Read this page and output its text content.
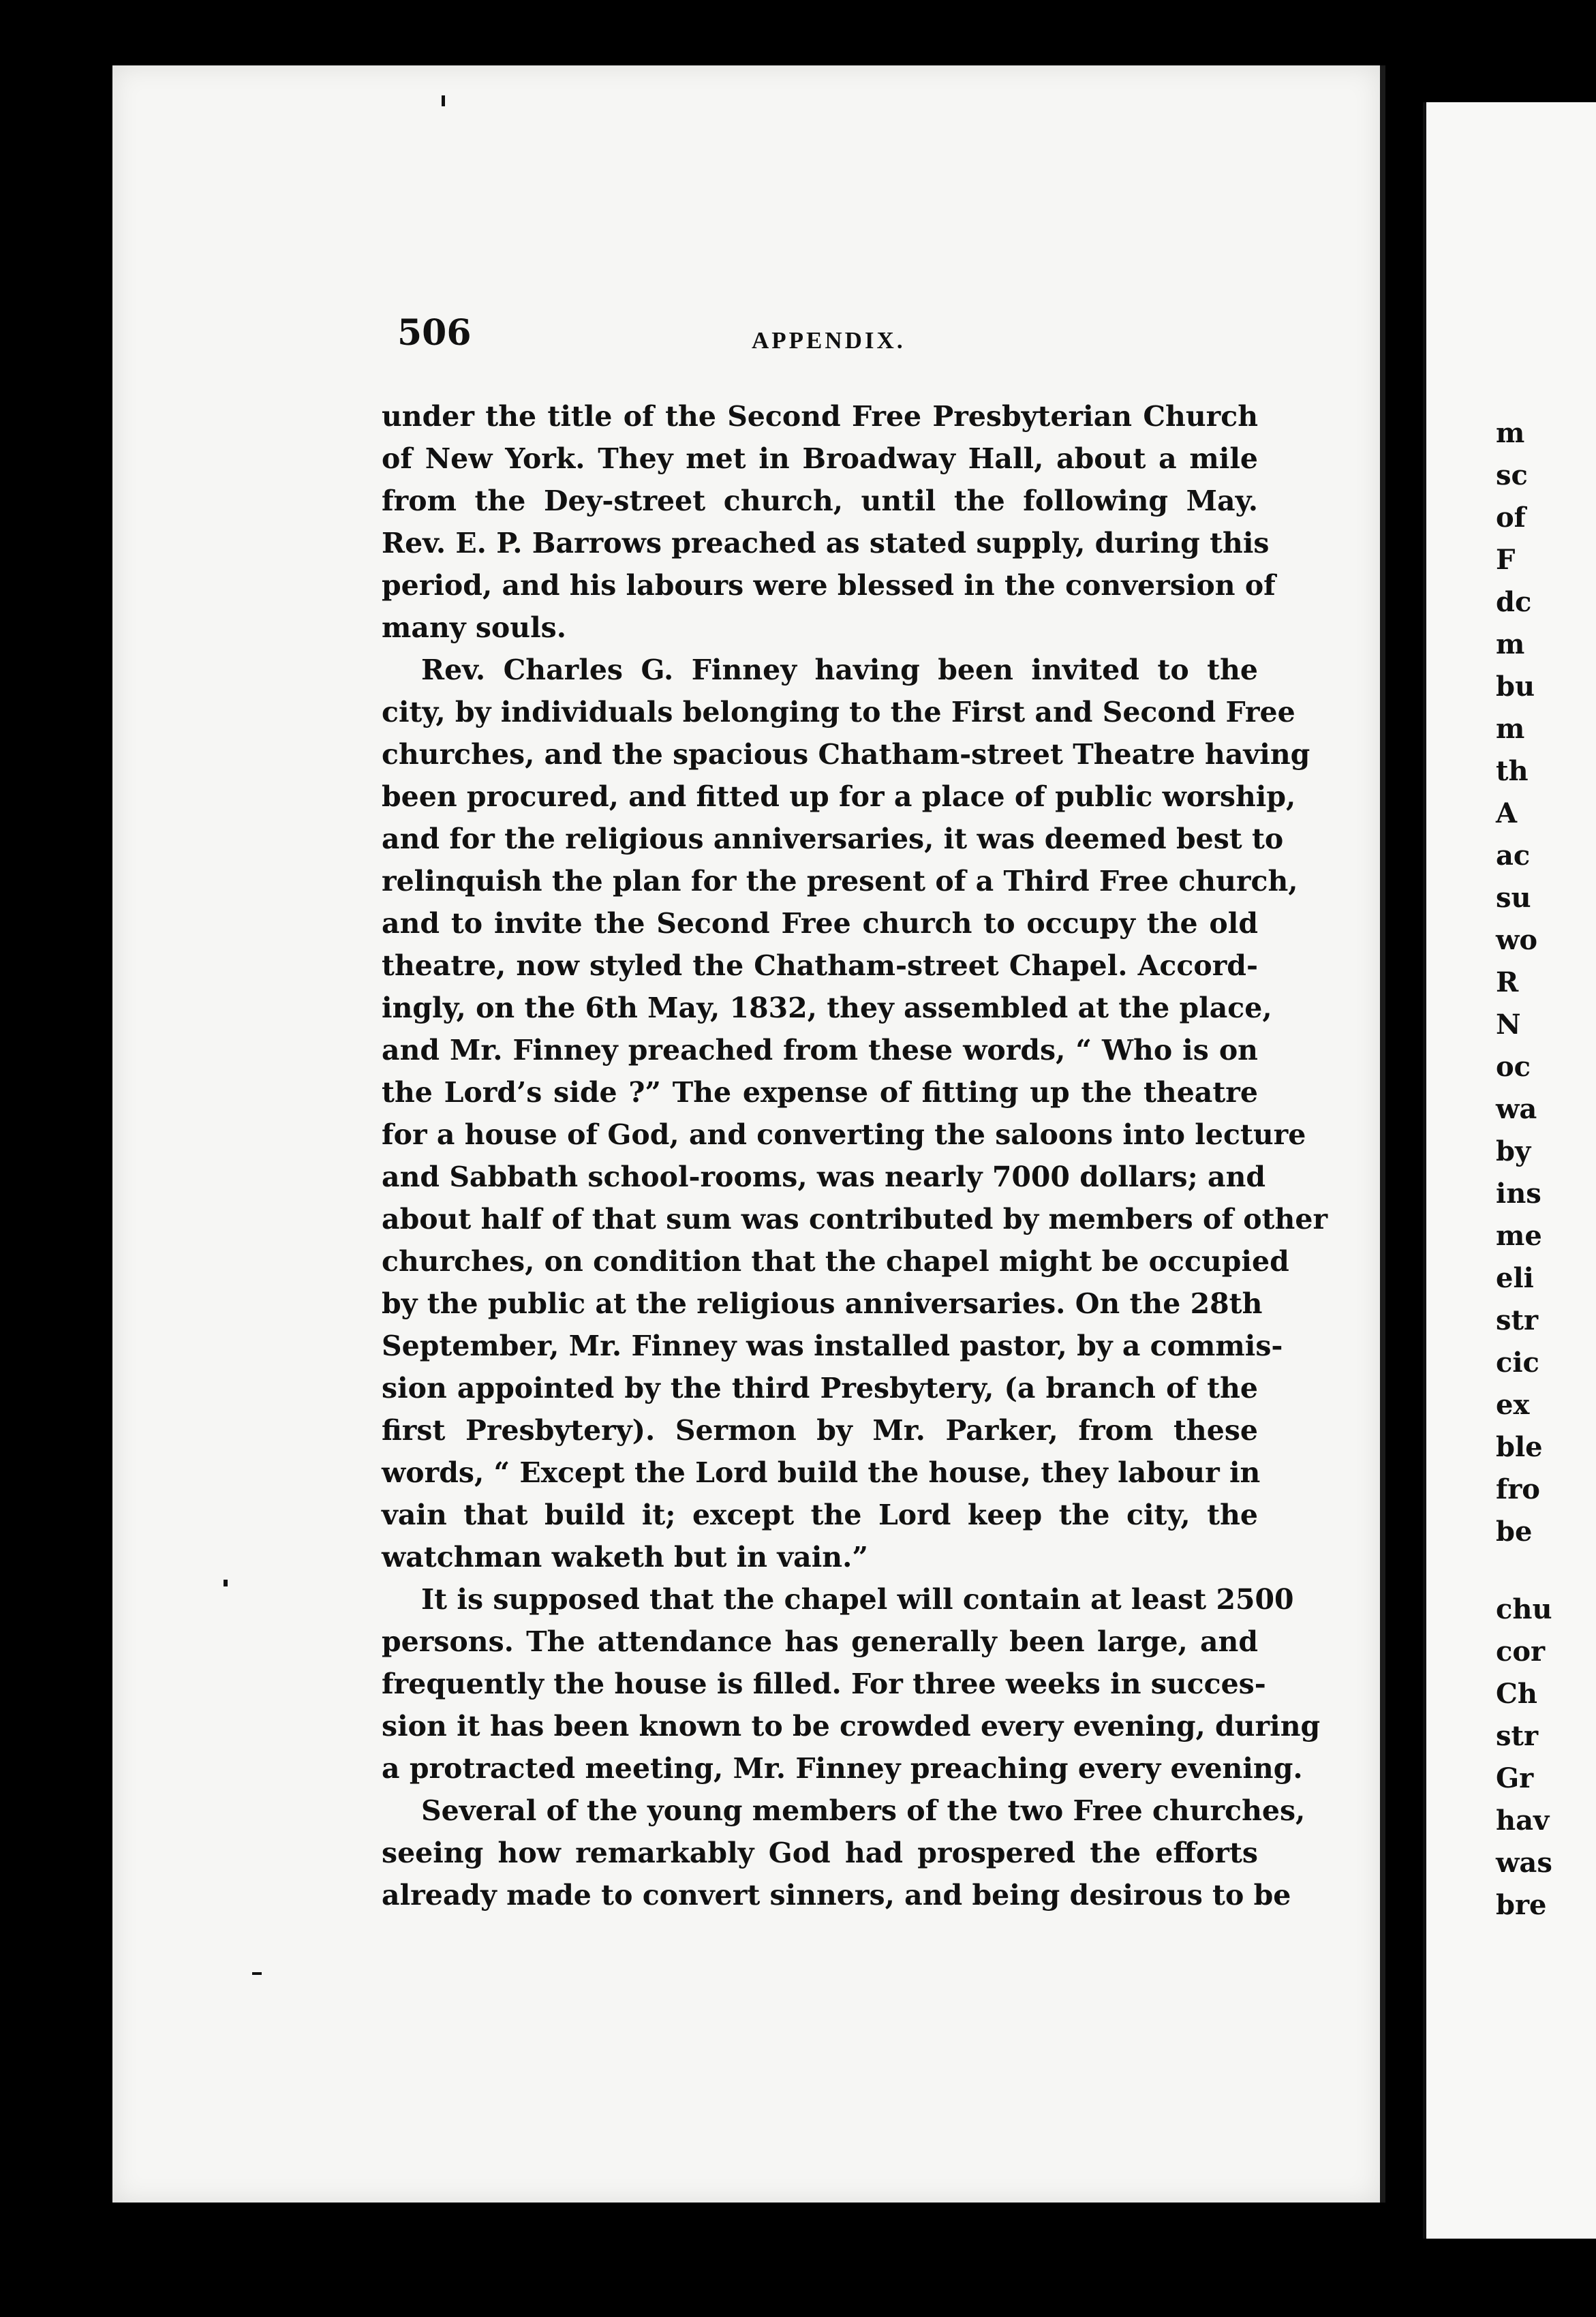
506	APPENDIX.
under the title of the Second Free Presbyterian Church
of New York. They met in Broadway Hall, about a mile
from the Dey-street church, until the following May.
Rev. E. P. Barrows preached as stated supply, during this
period, and his labours were blessed in the conversion of
many souls.
Rev. Charles G. Finney having been invited to the
city, by individuals belonging to the First and Second Free
churches, and the spacious Chatham-street Theatre having
been procured, and fitted up for a place of public worship,
and for the religious anniversaries, it was deemed best to
relinquish the plan for the present of a Third Free church,
and to invite the Second Free church to occupy the old
theatre, now styled the Chatham-street Chapel. Accord-
ingly, on the 6th May, 1832, they assembled at the place,
and Mr. Finney preached from these words, “ Who is on
the Lord’s side ?” The expense of fitting up the theatre
for a house of God, and converting the saloons into lecture
and Sabbath school-rooms, was nearly 7000 dollars; and
about half of that sum was contributed by members of other
churches, on condition that the chapel might be occupied
by the public at the religious anniversaries. On the 28th
September, Mr. Finney was installed pastor, by a commis-
sion appointed by the third Presbytery, (a branch of the
first Presbytery). Sermon by Mr. Parker, from these
words, “ Except the Lord build the house, they labour in
vain that build it; except the Lord keep the city, the
watchman waketh but in vain.”
It is supposed that the chapel will contain at least 2500
persons. The attendance has generally been large, and
frequently the house is filled. For three weeks in succes-
sion it has been known to be crowded every evening, during
a protracted meeting, Mr. Finney preaching every evening.
Several of the young members of the two Free churches,
seeing how remarkably God had prospered the efforts
already made to convert sinners, and being desirous to be
m
sc
of
F
dc
m
bu
m
th
A
ac
su
wo
R
N
oc
wa
by
ins
me
eli
str
cic
ex
ble
fro
be
chu
cor
Ch
str
Gr
hav
was
bre
